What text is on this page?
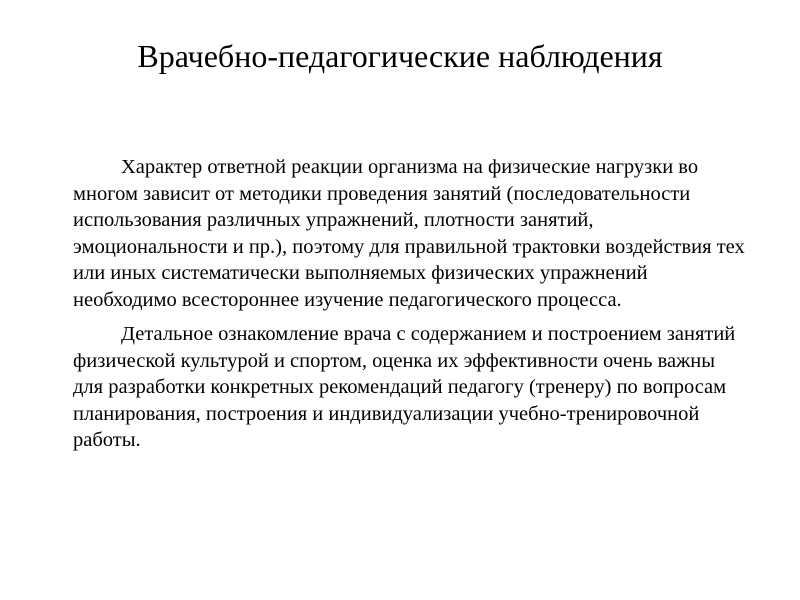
Врачебно-педагогические наблюдения

Характер ответной реакции организма на физические нагрузки во многом зависит от методики проведения занятий (последовательности использования различных упражнений, плотности занятий, эмоциональности и пр.), поэтому для правильной трактовки воздействия тех или иных систематически выполняемых физических упражнений необходимо всестороннее изучение педагогического процесса.

Детальное ознакомление врача с содержанием и построением занятий физической культурой и спортом, оценка их эффективности очень важны для разработки конкретных рекомендаций педагогу (тренеру) по вопросам планирования, построения и индивидуализации учебно-тренировочной работы.
